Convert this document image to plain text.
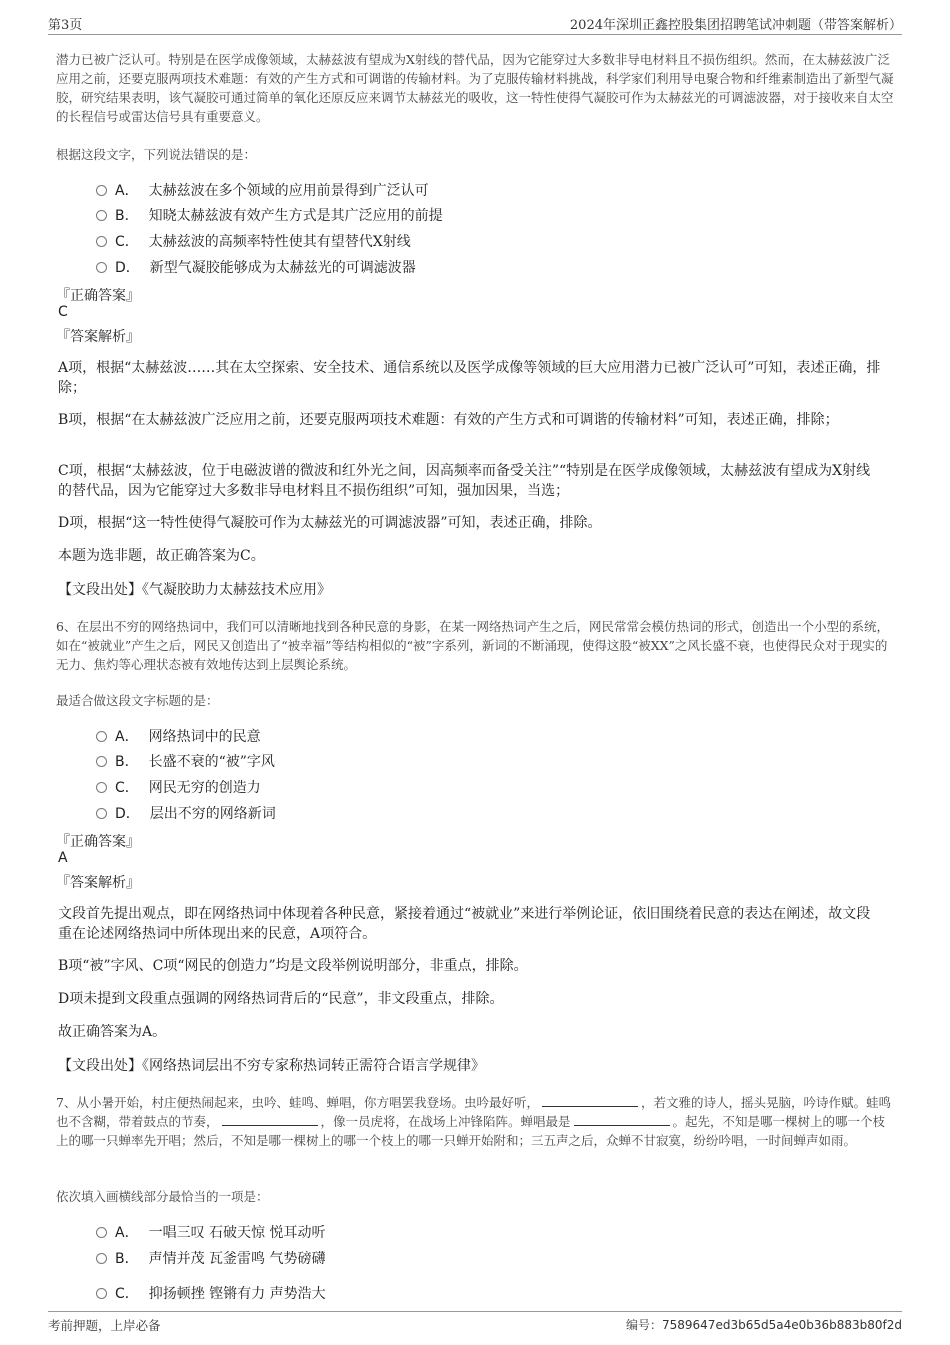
第3页	2024年深圳正鑫控股集团招聘笔试冲刺题（带答案解析）

潜力已被广泛认可。特别是在医学成像领域，太赫兹波有望成为X射线的替代品，因为它能穿过大多数非导电材料且不损伤组织。然而，在太赫兹波广泛应用之前，还要克服两项技术难题：有效的产生方式和可调谐的传输材料。为了克服传输材料挑战，科学家们利用导电聚合物和纤维素制造出了新型气凝胶，研究结果表明，该气凝胶可通过简单的氧化还原反应来调节太赫兹光的吸收，这一特性使得气凝胶可作为太赫兹光的可调滤波器，对于接收来自太空的长程信号或雷达信号具有重要意义。

根据这段文字，下列说法错误的是：
A． 太赫兹波在多个领域的应用前景得到广泛认可
B． 知晓太赫兹波有效产生方式是其广泛应用的前提
C． 太赫兹波的高频率特性使其有望替代X射线
D． 新型气凝胶能够成为太赫兹光的可调滤波器
『正确答案』
C
『答案解析』

A项，根据“太赫兹波……其在太空探索、安全技术、通信系统以及医学成像等领域的巨大应用潜力已被广泛认可”可知，表述正确，排除；

B项，根据“在太赫兹波广泛应用之前，还要克服两项技术难题：有效的产生方式和可调谐的传输材料”可知，表述正确，排除；

C项，根据“太赫兹波，位于电磁波谱的微波和红外光之间，因高频率而备受关注”“特别是在医学成像领域，太赫兹波有望成为X射线的替代品，因为它能穿过大多数非导电材料且不损伤组织”可知，强加因果，当选；

D项，根据“这一特性使得气凝胶可作为太赫兹光的可调滤波器”可知，表述正确，排除。

本题为选非题，故正确答案为C。

【文段出处】《气凝胶助力太赫兹技术应用》

6、在层出不穷的网络热词中，我们可以清晰地找到各种民意的身影，在某一网络热词产生之后，网民常常会模仿热词的形式，创造出一个小型的系统，如在“被就业”产生之后，网民又创造出了“被幸福”等结构相似的“被”字系列，新词的不断涌现，使得这股“被XX”之风长盛不衰，也使得民众对于现实的无力、焦灼等心理状态被有效地传达到上层舆论系统。

最适合做这段文字标题的是：
A． 网络热词中的民意
B． 长盛不衰的“被”字风
C． 网民无穷的创造力
D． 层出不穷的网络新词
『正确答案』
A
『答案解析』

文段首先提出观点，即在网络热词中体现着各种民意，紧接着通过“被就业”来进行举例论证，依旧围绕着民意的表达在阐述，故文段重在论述网络热词中所体现出来的民意，A项符合。

B项“被”字风、C项“网民的创造力”均是文段举例说明部分，非重点，排除。

D项未提到文段重点强调的网络热词背后的“民意”，非文段重点，排除。

故正确答案为A。

【文段出处】《网络热词层出不穷专家称热词转正需符合语言学规律》

7、从小暑开始，村庄便热闹起来，虫吟、蛙鸣、蝉唱，你方唱罢我登场。虫吟最好听，	，若文雅的诗人，摇头晃脑，吟诗作赋。蛙鸣也不含糊，带着鼓点的节奏，	，像一员虎将，在战场上冲锋陷阵。蝉唱最是	。起先，不知是哪一棵树上的哪一个枝上的哪一只蝉率先开唱；然后，不知是哪一棵树上的哪一个枝上的哪一只蝉开始附和；三五声之后，众蝉不甘寂寞，纷纷吟唱，一时间蝉声如雨。

依次填入画横线部分最恰当的一项是：
A． 一唱三叹 石破天惊 悦耳动听
B． 声情并茂 瓦釜雷鸣 气势磅礴
C． 抑扬顿挫 铿锵有力 声势浩大
考前押题，上岸必备	编号：7589647ed3b65d5a4e0b36b883b80f2d
